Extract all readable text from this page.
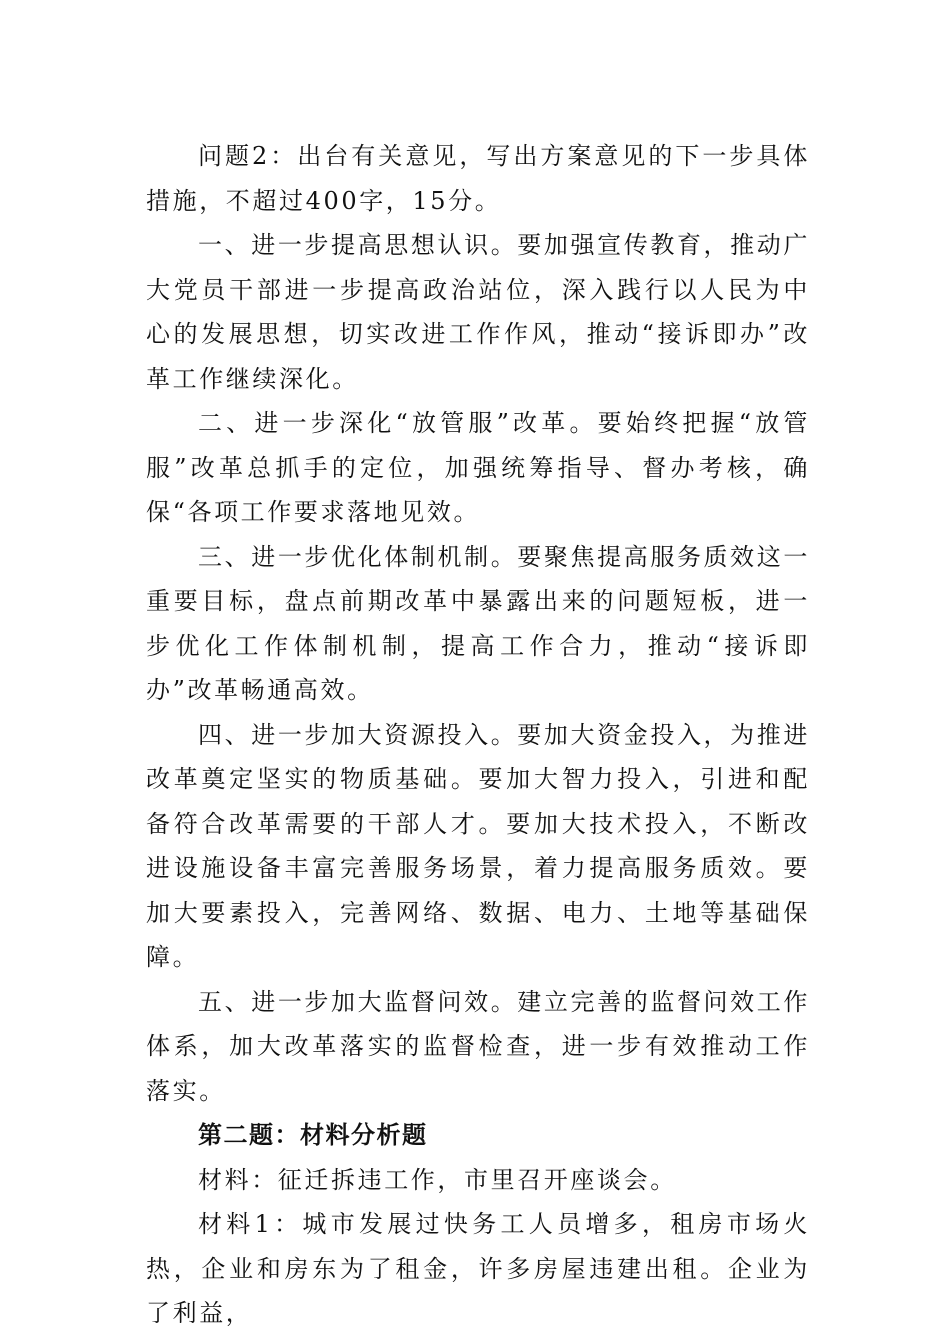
问题2：出台有关意见，写出方案意见的下一步具体措施，不超过400字，15分。

一、进一步提高思想认识。要加强宣传教育，推动广大党员干部进一步提高政治站位，深入践行以人民为中心的发展思想，切实改进工作作风，推动“接诉即办”改革工作继续深化。

二、进一步深化“放管服”改革。要始终把握“放管服”改革总抓手的定位，加强统筹指导、督办考核，确保“各项工作要求落地见效。

三、进一步优化体制机制。要聚焦提高服务质效这一重要目标，盘点前期改革中暴露出来的问题短板，进一步优化工作体制机制，提高工作合力，推动“接诉即办”改革畅通高效。

四、进一步加大资源投入。要加大资金投入，为推进改革奠定坚实的物质基础。要加大智力投入，引进和配备符合改革需要的干部人才。要加大技术投入，不断改进设施设备丰富完善服务场景，着力提高服务质效。要加大要素投入，完善网络、数据、电力、土地等基础保障。

五、进一步加大监督问效。建立完善的监督问效工作体系，加大改革落实的监督检查，进一步有效推动工作落实。

第二题：材料分析题

材料：征迁拆违工作，市里召开座谈会。

材料1：城市发展过快务工人员增多，租房市场火热，企业和房东为了租金，许多房屋违建出租。企业为了利益，
